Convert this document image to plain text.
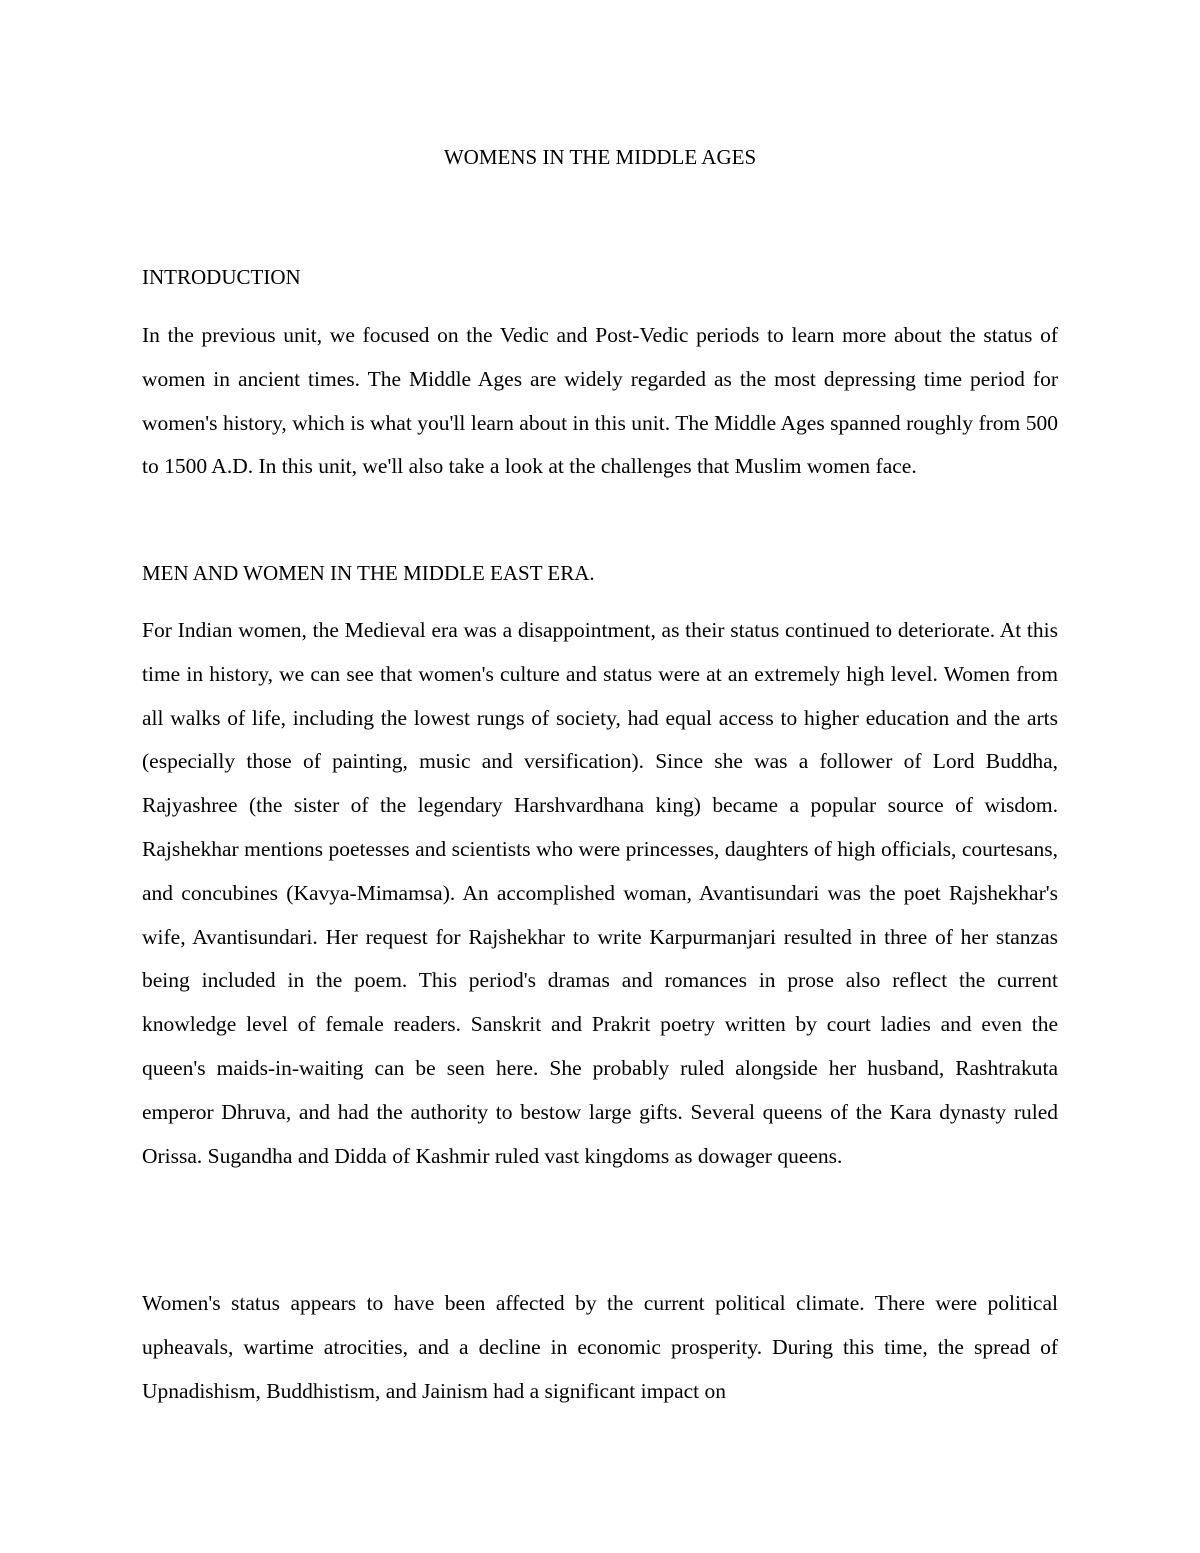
WOMENS IN THE MIDDLE AGES
INTRODUCTION

In the previous unit, we focused on the Vedic and Post-Vedic periods to learn more about the status of women in ancient times. The Middle Ages are widely regarded as the most depressing time period for women's history, which is what you'll learn about in this unit. The Middle Ages spanned roughly from 500 to 1500 A.D. In this unit, we'll also take a look at the challenges that Muslim women face.

MEN AND WOMEN IN THE MIDDLE EAST ERA.

For Indian women, the Medieval era was a disappointment, as their status continued to deteriorate. At this time in history, we can see that women's culture and status were at an extremely high level. Women from all walks of life, including the lowest rungs of society, had equal access to higher education and the arts (especially those of painting, music and versification). Since she was a follower of Lord Buddha, Rajyashree (the sister of the legendary Harshvardhana king) became a popular source of wisdom. Rajshekhar mentions poetesses and scientists who were princesses, daughters of high officials, courtesans, and concubines (Kavya-Mimamsa). An accomplished woman, Avantisundari was the poet Rajshekhar's wife, Avantisundari. Her request for Rajshekhar to write Karpurmanjari resulted in three of her stanzas being included in the poem. This period's dramas and romances in prose also reflect the current knowledge level of female readers. Sanskrit and Prakrit poetry written by court ladies and even the queen's maids-in-waiting can be seen here. She probably ruled alongside her husband, Rashtrakuta emperor Dhruva, and had the authority to bestow large gifts. Several queens of the Kara dynasty ruled Orissa. Sugandha and Didda of Kashmir ruled vast kingdoms as dowager queens.

Women's status appears to have been affected by the current political climate. There were political upheavals, wartime atrocities, and a decline in economic prosperity. During this time, the spread of Upnadishism, Buddhistism, and Jainism had a significant impact on
